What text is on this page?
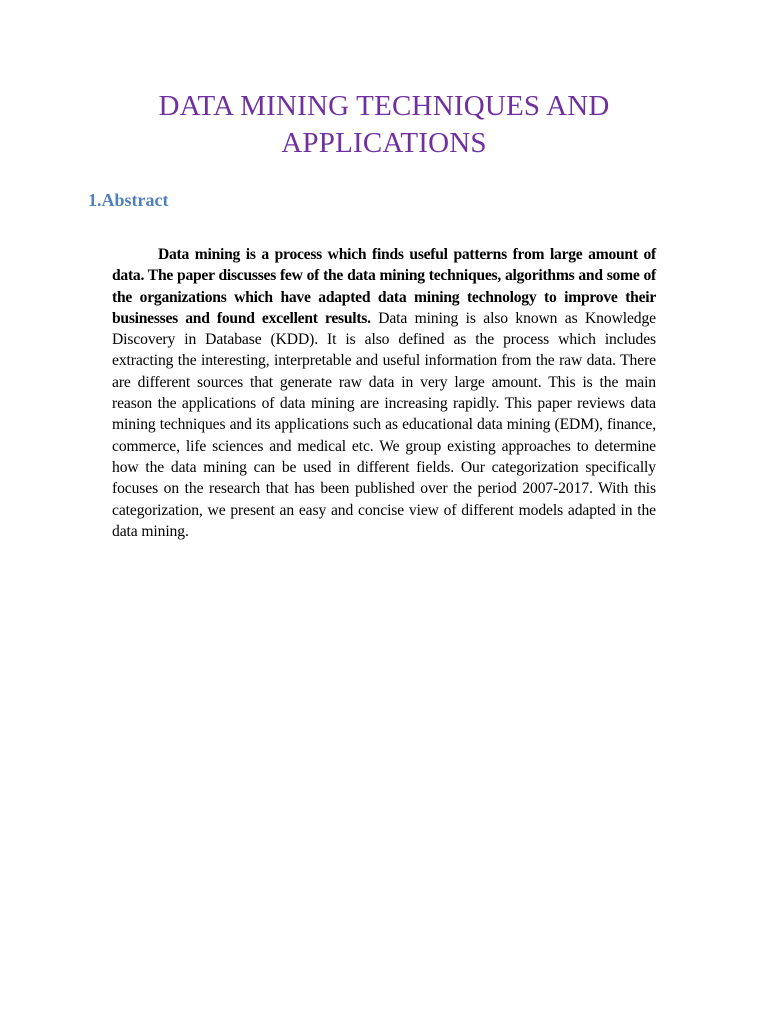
DATA MINING TECHNIQUES AND
APPLICATIONS
1.Abstract

Data mining is a process which finds useful patterns from large amount of data. The paper discusses few of the data mining techniques, algorithms and some of the organizations which have adapted data mining technology to improve their businesses and found excellent results. Data mining is also known as Knowledge Discovery in Database (KDD). It is also defined as the process which includes extracting the interesting, interpretable and useful information from the raw data. There are different sources that generate raw data in very large amount. This is the main reason the applications of data mining are increasing rapidly. This paper reviews data mining techniques and its applications such as educational data mining (EDM), finance, commerce, life sciences and medical etc. We group existing approaches to determine how the data mining can be used in different fields. Our categorization specifically focuses on the research that has been published over the period 2007-2017. With this categorization, we present an easy and concise view of different models adapted in the data mining.
